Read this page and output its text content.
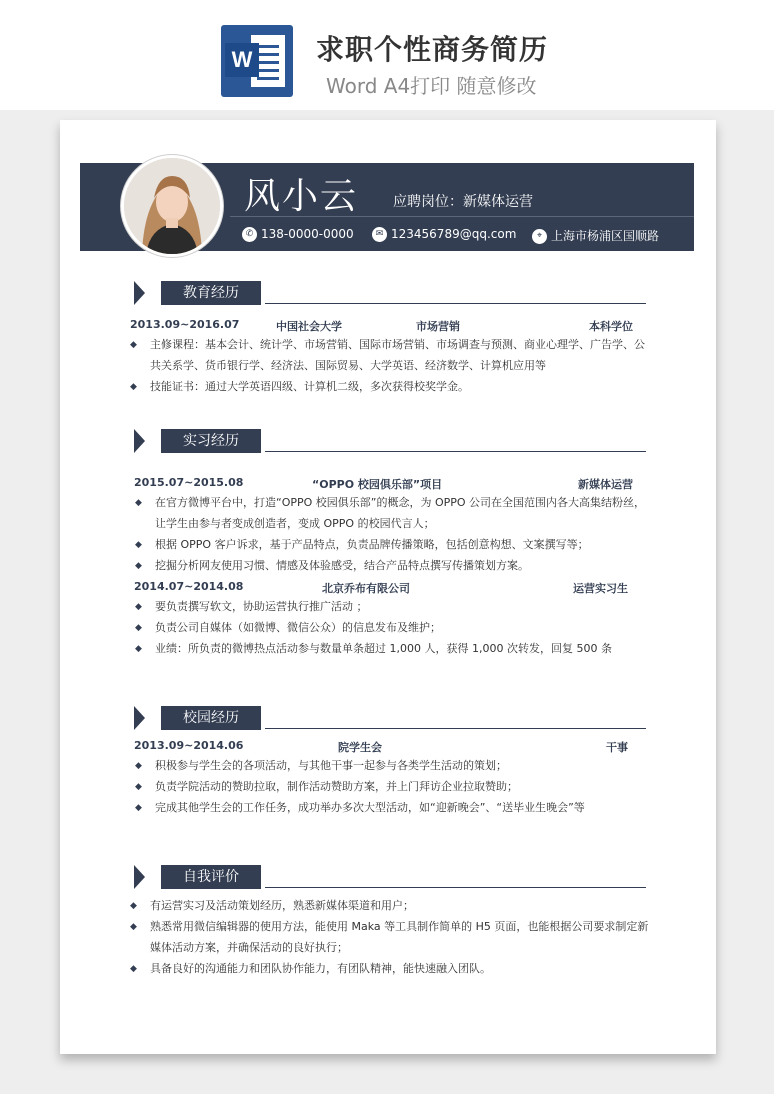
W 求职个性商务简历
Word A4打印 随意修改
风小云 应聘岗位：新媒体运营
✆ 138-0000-0000	✉ 123456789@qq.com	⌖ 上海市杨浦区国顺路
教育经历
2013.09~2016.07	中国社会大学	市场营销	本科学位
◆ 主修课程：基本会计、统计学、市场营销、国际市场营销、市场调查与预测、商业心理学、广告学、公
共关系学、货币银行学、经济法、国际贸易、大学英语、经济数学、计算机应用等
◆ 技能证书：通过大学英语四级、计算机二级，多次获得校奖学金。
实习经历
2015.07~2015.08	“OPPO 校园俱乐部”项目	新媒体运营
◆ 在官方微博平台中，打造“OPPO 校园俱乐部”的概念，为 OPPO 公司在全国范围内各大高集结粉丝，
让学生由参与者变成创造者，变成 OPPO 的校园代言人；
◆ 根据 OPPO 客户诉求，基于产品特点，负责品牌传播策略，包括创意构想、文案撰写等；
◆ 挖掘分析网友使用习惯、情感及体验感受，结合产品特点撰写传播策划方案。
2014.07~2014.08	北京乔布有限公司	运营实习生
◆ 要负责撰写软文，协助运营执行推广活动 ；
◆ 负责公司自媒体（如微博、微信公众）的信息发布及维护；
◆ 业绩：所负责的微博热点活动参与数量单条超过 1,000 人，获得 1,000 次转发，回复 500 条
校园经历
2013.09~2014.06	院学生会	干事
◆ 积极参与学生会的各项活动，与其他干事一起参与各类学生活动的策划；
◆ 负责学院活动的赞助拉取，制作活动赞助方案，并上门拜访企业拉取赞助；
◆ 完成其他学生会的工作任务，成功举办多次大型活动，如“迎新晚会”、“送毕业生晚会”等
自我评价
◆ 有运营实习及活动策划经历，熟悉新媒体渠道和用户；
◆ 熟悉常用微信编辑器的使用方法，能使用 Maka 等工具制作简单的 H5 页面，也能根据公司要求制定新
媒体活动方案，并确保活动的良好执行；
◆ 具备良好的沟通能力和团队协作能力，有团队精神，能快速融入团队。
